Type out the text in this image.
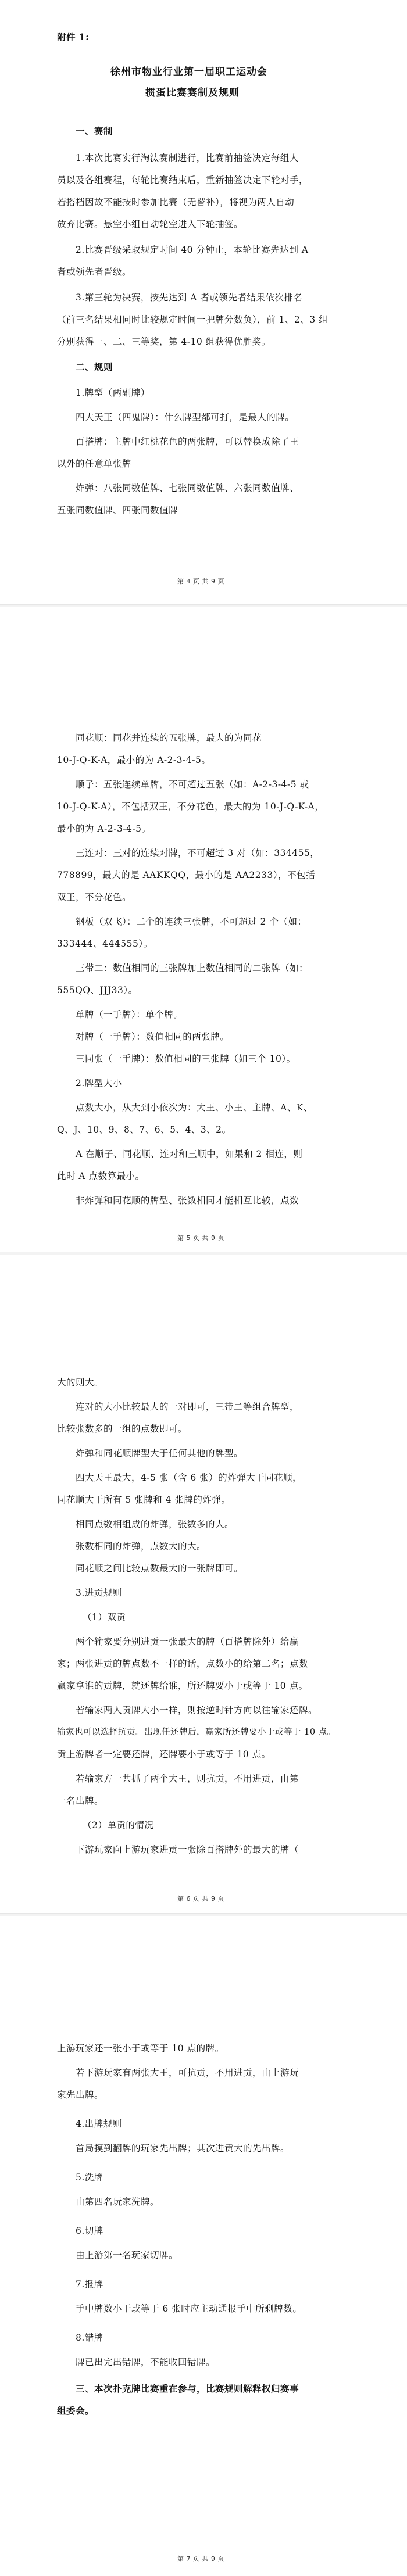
附件 1:
徐州市物业行业第一届职工运动会
掼蛋比赛赛制及规则
一、赛制
1.本次比赛实行淘汰赛制进行，比赛前抽签决定每组人
员以及各组赛程，每轮比赛结束后，重新抽签决定下轮对手，
若搭档因故不能按时参加比赛（无替补），将视为两人自动
放弃比赛。悬空小组自动轮空进入下轮抽签。
2.比赛晋级采取规定时间 40 分钟止，本轮比赛先达到 A
者或领先者晋级。
3.第三轮为决赛，按先达到 A 者或领先者结果依次排名
（前三名结果相同时比较规定时间一把牌分数负），前 1、2、3 组
分别获得一、二、三等奖，第 4-10 组获得优胜奖。
二、规则
1.牌型（两副牌）
四大天王（四鬼牌）：什么牌型都可打，是最大的牌。
百搭牌：主牌中红桃花色的两张牌，可以替换成除了王
以外的任意单张牌
炸弹：八张同数值牌、七张同数值牌、六张同数值牌、
五张同数值牌、四张同数值牌
第 4 页 共 9 页
同花顺：同花并连续的五张牌，最大的为同花
10-J-Q-K-A，最小的为 A-2-3-4-5。
顺子：五张连续单牌，不可超过五张（如：A-2-3-4-5 或
10-J-Q-K-A），不包括双王，不分花色，最大的为 10-J-Q-K-A，
最小的为 A-2-3-4-5。
三连对：三对的连续对牌，不可超过 3 对（如：334455，
778899，最大的是 AAKKQQ，最小的是 AA2233），不包括
双王，不分花色。
钢板（双飞）：二个的连续三张牌，不可超过 2 个（如：
333444、444555）。
三带二：数值相同的三张牌加上数值相同的二张牌（如：
555QQ、JJJ33）。
单牌（一手牌）：单个牌。
对牌（一手牌）：数值相同的两张牌。
三同张（一手牌）：数值相同的三张牌（如三个 10）。
2.牌型大小
点数大小，从大到小依次为：大王、小王、主牌、A、K、
Q、J、10、9、8、7、6、5、4、3、2。
A 在顺子、同花顺、连对和三顺中，如果和 2 相连，则
此时 A 点数算最小。
非炸弹和同花顺的牌型、张数相同才能相互比较，点数
第 5 页 共 9 页
大的则大。
连对的大小比较最大的一对即可，三带二等组合牌型，
比较张数多的一组的点数即可。
炸弹和同花顺牌型大于任何其他的牌型。
四大天王最大，4-5 张（含 6 张）的炸弹大于同花顺，
同花顺大于所有 5 张牌和 4 张牌的炸弹。
相同点数相组成的炸弹，张数多的大。
张数相同的炸弹，点数大的大。
同花顺之间比较点数最大的一张牌即可。
3.进贡规则
（1）双贡
两个输家要分别进贡一张最大的牌（百搭牌除外）给赢
家；两张进贡的牌点数不一样的话，点数小的给第二名；点数
赢家拿谁的贡牌，就还牌给谁，所还牌要小于或等于 10 点。
若输家两人贡牌大小一样，则按逆时针方向以往输家还牌。
输家也可以选择抗贡。出现任还牌后，赢家所还牌要小于或等于 10 点。
贡上游牌者一定要还牌，还牌要小于或等于 10 点。
若输家方一共抓了两个大王，则抗贡，不用进贡，由第
一名出牌。
（2）单贡的情况
下游玩家向上游玩家进贡一张除百搭牌外的最大的牌（
第 6 页 共 9 页
上游玩家还一张小于或等于 10 点的牌。
若下游玩家有两张大王，可抗贡，不用进贡，由上游玩
家先出牌。
4.出牌规则
首局摸到翻牌的玩家先出牌；其次进贡大的先出牌。
5.洗牌
由第四名玩家洗牌。
6.切牌
由上游第一名玩家切牌。
7.报牌
手中牌数小于或等于 6 张时应主动通报手中所剩牌数。
8.错牌
牌已出完出错牌，不能收回错牌。
三、本次扑克牌比赛重在参与，比赛规则解释权归赛事
组委会。
第 7 页 共 9 页
